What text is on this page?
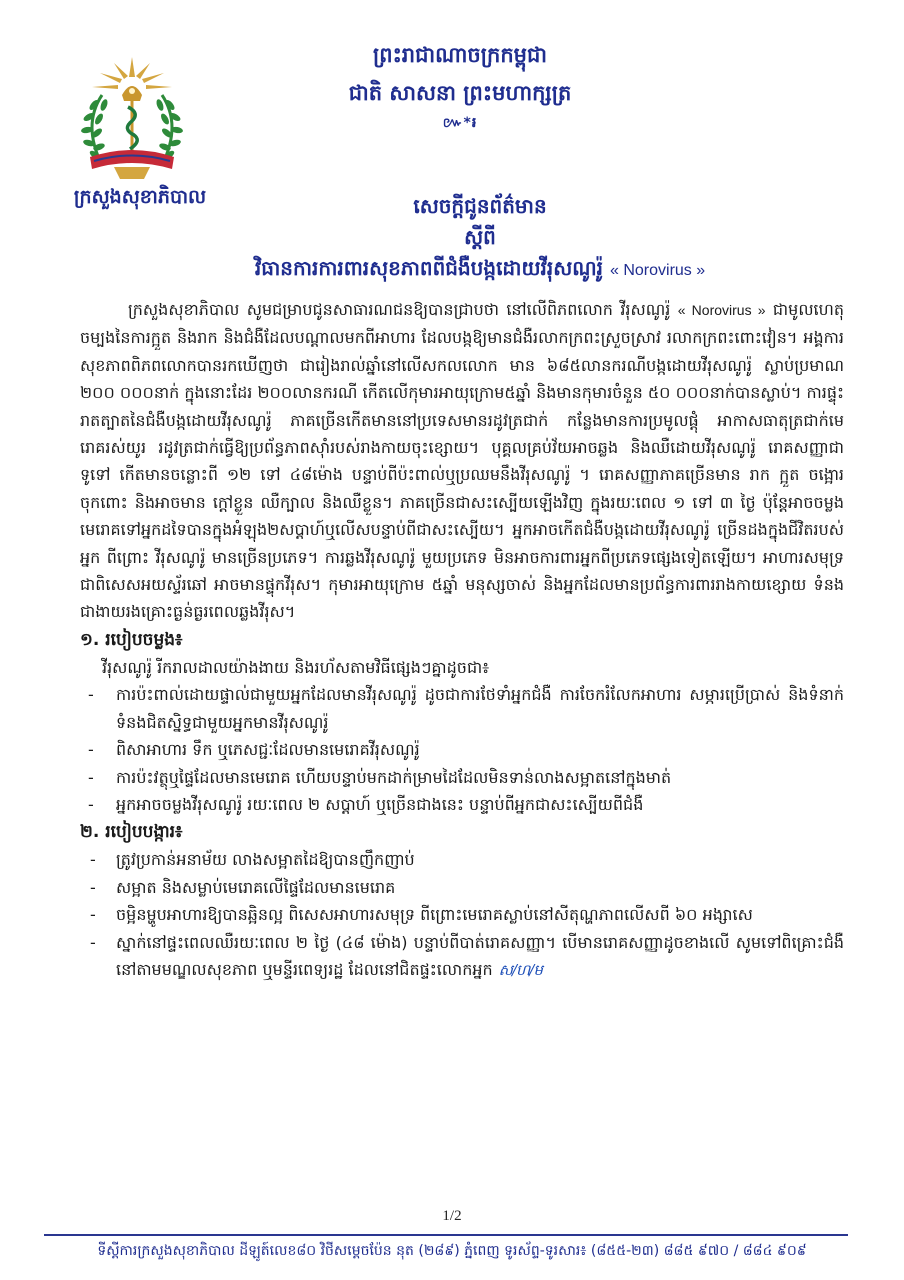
ក្រសួងសុខាភិបាល
ព្រះរាជាណាចក្រកម្ពុជា
ជាតិ សាសនា ព្រះមហាក្សត្រ
៚*៛
សេចក្ដីជូនព័ត៌មាន
ស្ដីពី
វិធានការការពារសុខភាពពីជំងឺបង្កដោយវីរុសណូរ៉ូ « Norovirus »

ក្រសួងសុខាភិបាល សូមជម្រាបជូនសាធារណជនឱ្យបានជ្រាបថា នៅលើពិភពលោក វីរុសណូរ៉ូ « Norovirus » ជាមូលហេតុចម្បងនៃការក្អួត និងរាក និងជំងឺដែលបណ្ដាលមកពីអាហារ ដែលបង្កឱ្យមានជំងឺរលាកក្រពះស្រួចស្រាវ រលាកក្រពះពោះវៀន។ អង្គការសុខភាពពិភពលោកបានរកឃើញថា ជារៀងរាល់ឆ្នាំនៅលើសកលលោក មាន ៦៨៥លានករណីបង្កដោយវីរុសណូរ៉ូ ស្លាប់ប្រមាណ ២០០ ០០០នាក់ ក្នុងនោះដែរ ២០០លានករណី កើតលើកុមារអាយុក្រោម៥ឆ្នាំ និងមានកុមារចំនួន ៥០ ០០០នាក់បានស្លាប់។ ការផ្ទុះរាតត្បាតនៃជំងឺបង្កដោយវីរុសណូរ៉ូ ភាគច្រើនកើតមាននៅប្រទេសមានរដូវត្រជាក់ កន្លែងមានការប្រមូលផ្ដុំ អាកាសធាតុត្រជាក់មេរោគរស់យូរ រដូវត្រជាក់ធ្វើឱ្យប្រព័ន្ធភាពស៊ាំរបស់រាងកាយចុះខ្សោយ។ បុគ្គលគ្រប់វ័យអាចឆ្លង និងឈឺដោយវីរុសណូរ៉ូ រោគសញ្ញាជាទូទៅ កើតមានចន្លោះពី ១២ ទៅ ៤៨ម៉ោង បន្ទាប់ពីប៉ះពាល់ឬប្រឈមនឹងវីរុសណូរ៉ូ ។ រោគសញ្ញាភាគច្រើនមាន រាក ក្អួត ចង្អោរ ចុកពោះ និងអាចមាន ក្ដៅខ្លួន ឈឺក្បាល និងឈឺខ្លួន។ ភាគច្រើនជាសះស្បើយឡើងវិញ ក្នុងរយៈពេល ១ ទៅ ៣ ថ្ងៃ ប៉ុន្តែអាចចម្លងមេរោគទៅអ្នកដទៃបានក្នុងអំឡុង២សប្ដាហ៍ឬលើសបន្ទាប់ពីជាសះស្បើយ។ អ្នកអាចកើតជំងឺបង្កដោយវីរុសណូរ៉ូ ច្រើនដងក្នុងជីវិតរបស់អ្នក ពីព្រោះ វីរុសណូរ៉ូ មានច្រើនប្រភេទ។ ការឆ្លងវីរុសណូរ៉ូ មួយប្រភេទ មិនអាចការពារអ្នកពីប្រភេទផ្សេងទៀតឡើយ។ អាហារសមុទ្រ ជាពិសេសអយស្ទ័រឆៅ អាចមានផ្ទុកវីរុស។ កុមារអាយុក្រោម ៥ឆ្នាំ មនុស្សចាស់ និងអ្នកដែលមានប្រព័ន្ធការពាររាងកាយខ្សោយ ទំនងជាងាយរងគ្រោះធ្ងន់ធ្ងរពេលឆ្លងវីរុស។

១. របៀបចម្លង៖

វីរុសណូរ៉ូ រីករាលដាលយ៉ាងងាយ និងរហ័សតាមវិធីផ្សេងៗគ្នាដូចជា៖

- ការប៉ះពាល់ដោយផ្ទាល់ជាមួយអ្នកដែលមានវីរុសណូរ៉ូ ដូចជាការថែទាំអ្នកជំងឺ ការចែករំលែកអាហារ សម្ភារប្រើប្រាស់ និងទំនាក់ទំនងជិតស្និទ្ធជាមួយអ្នកមានវីរុសណូរ៉ូ
- ពិសាអាហារ ទឹក ឬភេសជ្ជៈដែលមានមេរោគវីរុសណូរ៉ូ
- ការប៉ះវត្ថុឬផ្ទៃដែលមានមេរោគ ហើយបន្ទាប់មកដាក់ម្រាមដៃដែលមិនទាន់លាងសម្អាតនៅក្នុងមាត់
- អ្នកអាចចម្លងវីរុសណូរ៉ូ រយៈពេល ២ សប្ដាហ៍ ឬច្រើនជាងនេះ បន្ទាប់ពីអ្នកជាសះស្បើយពីជំងឺ

២. របៀបបង្ការ៖

- ត្រូវប្រកាន់អនាម័យ លាងសម្អាតដៃឱ្យបានញឹកញាប់
- សម្អាត និងសម្លាប់មេរោគលើផ្ទៃដែលមានមេរោគ
- ចម្អិនម្ហូបអាហារឱ្យបានឆ្អិនល្អ ពិសេសអាហារសមុទ្រ ពីព្រោះមេរោគស្លាប់នៅសីតុណ្ហភាពលើសពី ៦០ អង្សាសេ
- ស្នាក់នៅផ្ទះពេលឈឺរយៈពេល ២ ថ្ងៃ (៤៨ ម៉ោង) បន្ទាប់ពីបាត់រោគសញ្ញា។ បើមានរោគសញ្ញាដូចខាងលើ សូមទៅពិគ្រោះជំងឺ នៅតាមមណ្ឌលសុខភាព ឬមន្ទីរពេទ្យរដ្ឋ ដែលនៅជិតផ្ទះលោកអ្នក ស/ហ/ម
1/2
ទីស្ដីការក្រសួងសុខាភិបាល ដីឡូត៍លេខ៨០ វិថីសម្ដេចប៉ែន នុត (២៨៩) ភ្នំពេញ ទូរស័ព្ទ-ទូរសារ៖ (៨៥៥-២៣) ៨៨៥ ៩៧០ / ៨៨៤ ៩០៩
